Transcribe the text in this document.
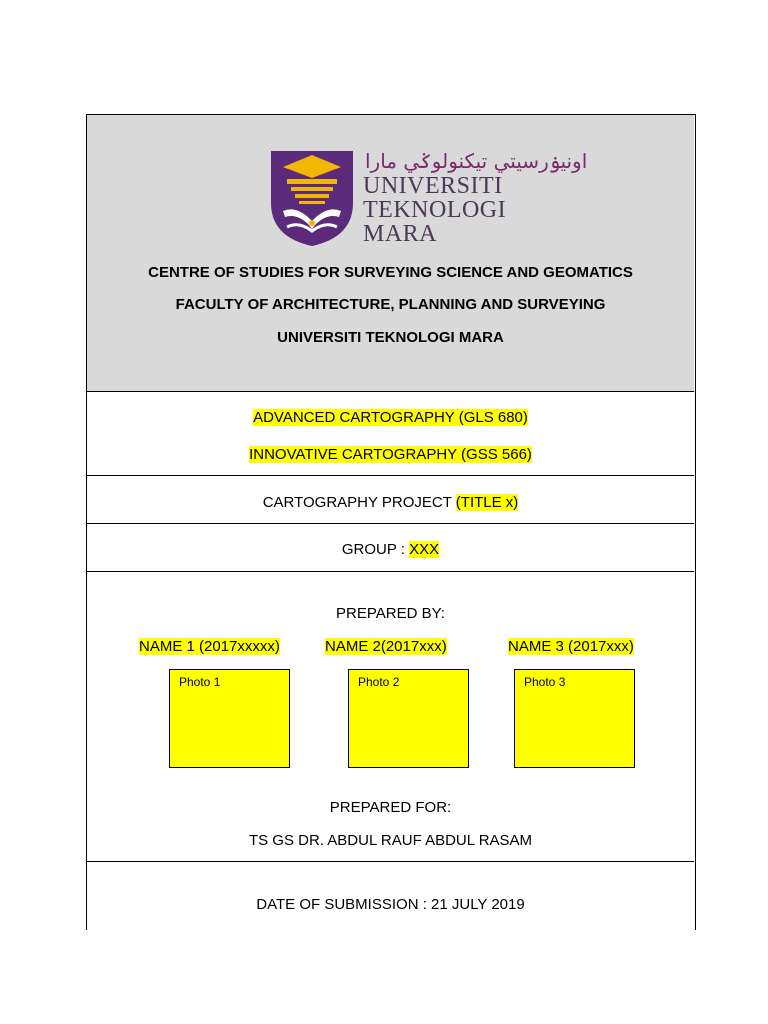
اونيۏرسيتي تيكنولوݢي مارا
UNIVERSITI
TEKNOLOGI
MARA
CENTRE OF STUDIES FOR SURVEYING SCIENCE AND GEOMATICS
FACULTY OF ARCHITECTURE, PLANNING AND SURVEYING
UNIVERSITI TEKNOLOGI MARA
ADVANCED CARTOGRAPHY (GLS 680)
INNOVATIVE CARTOGRAPHY (GSS 566)
CARTOGRAPHY PROJECT (TITLE x)
GROUP : XXX
PREPARED BY:
NAME 1 (2017xxxxx)	NAME 2(2017xxx)	NAME 3 (2017xxx)
Photo 1	Photo 2	Photo 3
PREPARED FOR:
TS GS DR. ABDUL RAUF ABDUL RASAM
DATE OF SUBMISSION : 21 JULY 2019
